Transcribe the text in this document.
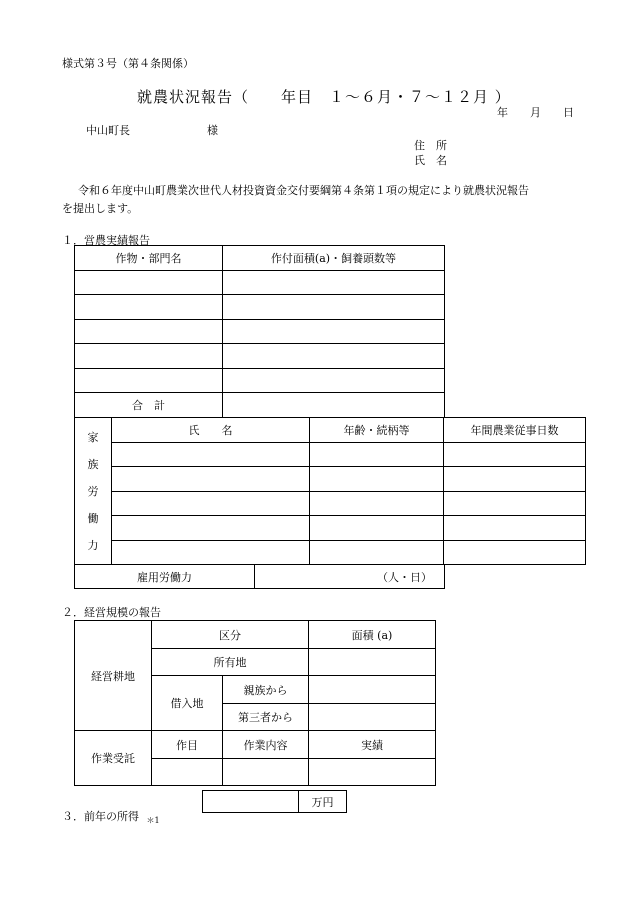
様式第３号（第４条関係）
就農状況報告（　　年目　１〜６月・７〜１２月 ）
年　　月　　日
中山町長　　　　　　　様
住　所
氏　名
令和６年度中山町農業次世代人材投資資金交付要綱第４条第１項の規定により就農状況報告
を提出します。
１．営農実績報告
作物・部門名	作付面積(a)・飼養頭数等

合　計	
家
族
労
働
力	氏　　名	年齢・続柄等	年間農業従事日数

雇用労働力	（人・日）
２．経営規模の報告
経営耕地	区分		面積 (a)
	所有地		
	借入地	親族から	
		第三者から	
作業受託	作目	作業内容	実績

	万円
３．前年の所得 $_{*1}$
